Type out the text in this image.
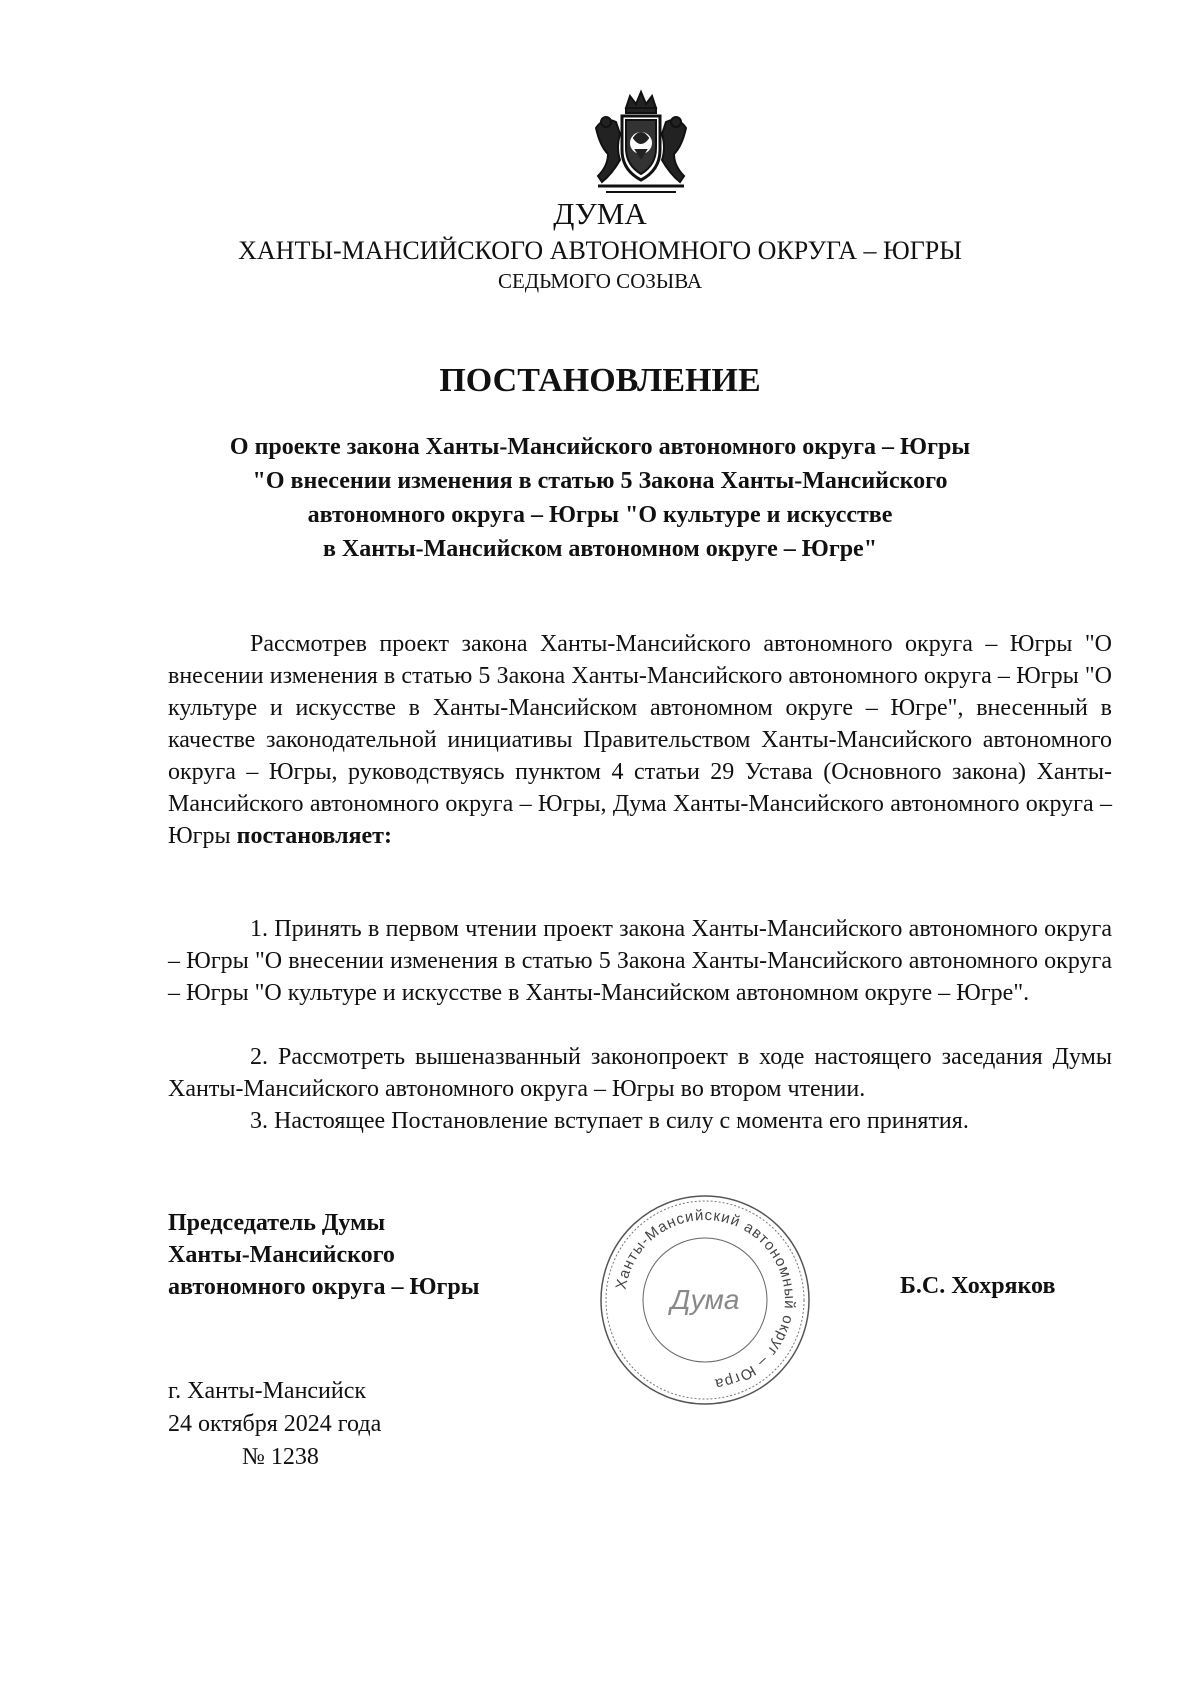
ДУМА
ХАНТЫ-МАНСИЙСКОГО АВТОНОМНОГО ОКРУГА – ЮГРЫ
СЕДЬМОГО СОЗЫВА
ПОСТАНОВЛЕНИЕ
О проекте закона Ханты-Мансийского автономного округа – Югры
"О внесении изменения в статью 5 Закона Ханты-Мансийского
автономного округа – Югры "О культуре и искусстве
в Ханты-Мансийском автономном округе – Югре"

Рассмотрев проект закона Ханты-Мансийского автономного округа – Югры "О внесении изменения в статью 5 Закона Ханты-Мансийского автономного округа – Югры "О культуре и искусстве в Ханты-Мансийском автономном округе – Югре", внесенный в качестве законодательной инициативы Правительством Ханты-Мансийского автономного округа – Югры, руководствуясь пунктом 4 статьи 29 Устава (Основного закона) Ханты-Мансийского автономного округа – Югры, Дума Ханты-Мансийского автономного округа – Югры постановляет:

1. Принять в первом чтении проект закона Ханты-Мансийского автономного округа – Югры "О внесении изменения в статью 5 Закона Ханты-Мансийского автономного округа – Югры "О культуре и искусстве в Ханты-Мансийском автономном округе – Югре".

2. Рассмотреть вышеназванный законопроект в ходе настоящего заседания Думы Ханты-Мансийского автономного округа – Югры во втором чтении.

3. Настоящее Постановление вступает в силу с момента его принятия.

Председатель Думы
Ханты-Мансийского
автономного округа – Югры	Ханты-Мансийский автономный округ – Югра
Дума	Б.С. Хохряков
г. Ханты-Мансийск
24 октября 2024 года
№ 1238
